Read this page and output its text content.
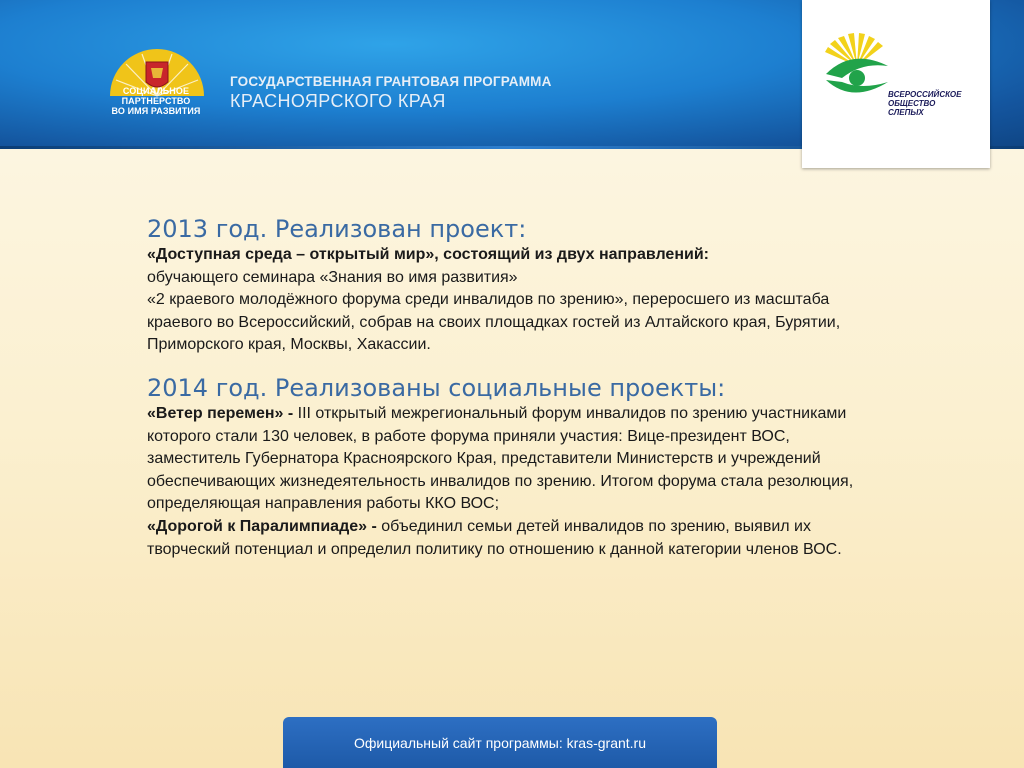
СОЦИАЛЬНОЕ
ПАРТНЕРСТВО
ВО ИМЯ РАЗВИТИЯ
ГОСУДАРСТВЕННАЯ ГРАНТОВАЯ ПРОГРАММА
КРАСНОЯРСКОГО КРАЯ	ВСЕРОССИЙСКОЕ
ОБЩЕСТВО
СЛЕПЫХ
2013 год. Реализован проект:

«Доступная среда – открытый мир», состоящий из двух направлений:

обучающего семинара «Знания во имя развития»

«2 краевого молодёжного форума среди инвалидов по зрению», переросшего из масштаба краевого во Всероссийский, собрав на своих площадках гостей из Алтайского края, Бурятии, Приморского края, Москвы, Хакассии.

2014 год. Реализованы социальные проекты:

«Ветер перемен» - III открытый межрегиональный форум инвалидов по зрению участниками которого стали 130 человек, в работе форума приняли участия: Вице-президент ВОС, заместитель Губернатора Красноярского Края, представители Министерств и учреждений обеспечивающих жизнедеятельность инвалидов по зрению. Итогом форума стала резолюция, определяющая направления работы ККО ВОС;

«Дорогой к Паралимпиаде» - объединил семьи детей инвалидов по зрению, выявил их творческий потенциал и определил политику по отношению к данной категории членов ВОС.

Официальный сайт программы: kras-grant.ru
